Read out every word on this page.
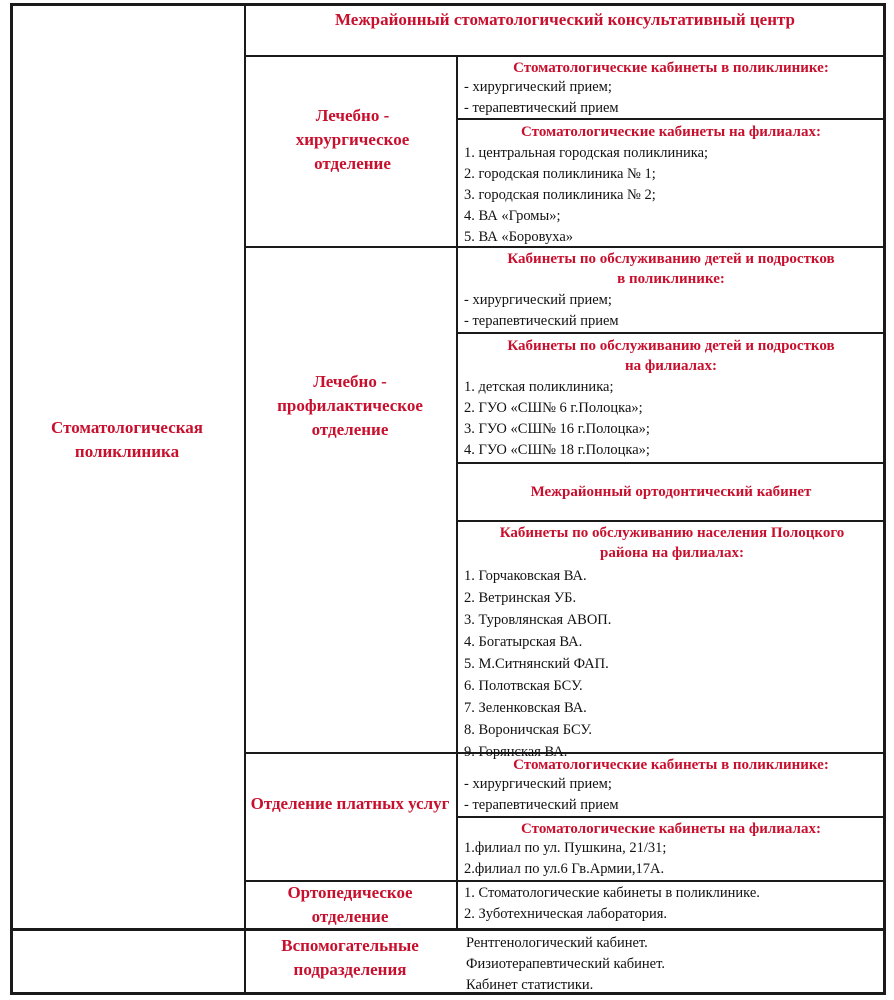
Межрайонный стоматологический консультативный центр
Стоматологическая поликлиника
Лечебно - хирургическое отделение
Лечебно - профилактическое отделение
Отделение платных услуг
Ортопедическое отделение
Вспомогательные подразделения
Стоматологические кабинеты в поликлинике:
- хирургический прием;
- терапевтический прием
Стоматологические кабинеты на филиалах:
1. центральная городская поликлиника;
2. городская поликлиника № 1;
3. городская поликлиника № 2;
4. ВА «Громы»;
5. ВА «Боровуха»
Кабинеты по обслуживанию детей и подростков в поликлинике:
- хирургический прием;
- терапевтический прием
Кабинеты по обслуживанию детей и подростков на филиалах:
1. детская поликлиника;
2. ГУО «СШ№ 6 г.Полоцка»;
3. ГУО «СШ№ 16 г.Полоцка»;
4. ГУО «СШ№ 18 г.Полоцка»;
Межрайонный ортодонтический кабинет
Кабинеты по обслуживанию населения Полоцкого района на филиалах:
1. Горчаковская ВА.
2. Ветринская УБ.
3. Туровлянская АВОП.
4. Богатырская ВА.
5. М.Ситнянский ФАП.
6. Полотвская БСУ.
7. Зеленковская ВА.
8. Вороничская БСУ.
9. Горянская ВА.
Стоматологические кабинеты в поликлинике:
- хирургический прием;
- терапевтический прием
Стоматологические кабинеты на филиалах:
1.филиал по ул. Пушкина, 21/31;
2.филиал по ул.6 Гв.Армии,17А.
1. Стоматологические кабинеты в поликлинике.
2. Зуботехническая лаборатория.
Рентгенологический кабинет.
Физиотерапевтический кабинет.
Кабинет статистики.
